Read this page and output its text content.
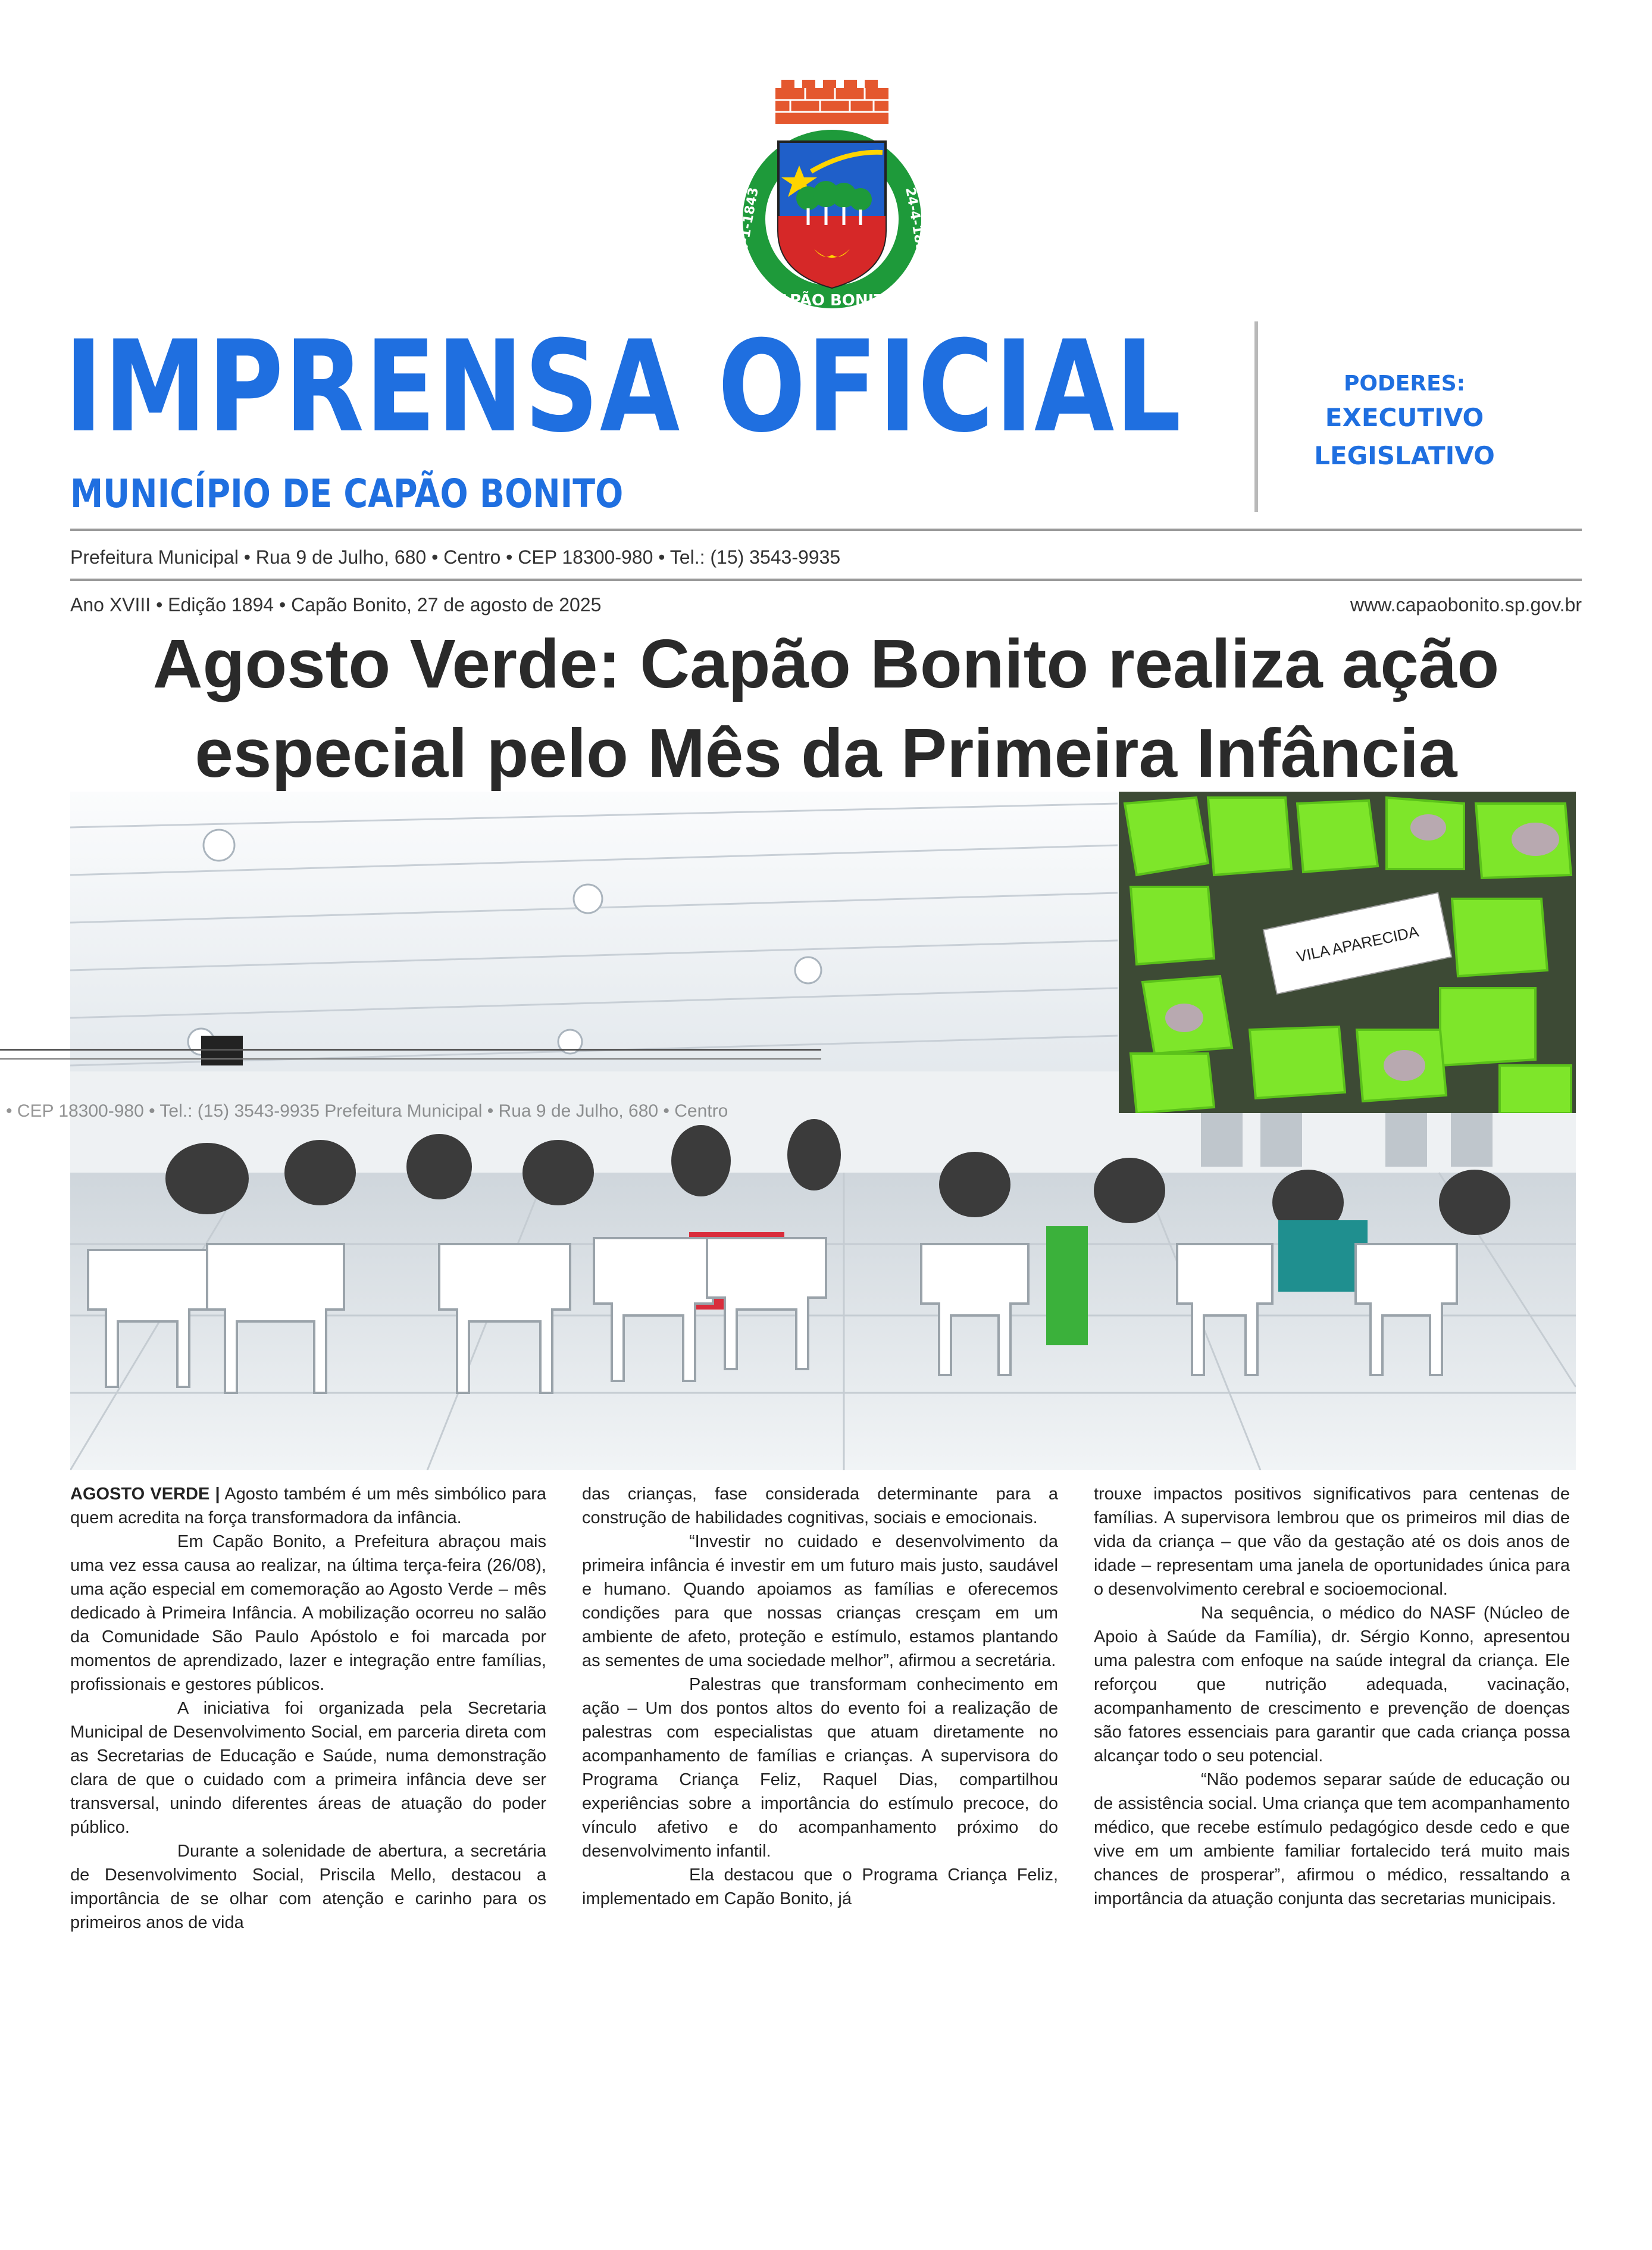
CAPÃO BONITO
24-1-1843	24-4-1857
IMPRENSA OFICIAL
MUNICÍPIO DE CAPÃO BONITO
PODERES:
EXECUTIVO
LEGISLATIVO
Prefeitura Municipal • Rua 9 de Julho, 680 • Centro • CEP 18300-980 • Tel.: (15) 3543-9935
Ano XVIII • Edição 1894 • Capão Bonito, 27 de agosto de 2025	www.capaobonito.sp.gov.br
Agosto Verde: Capão Bonito realiza ação especial pelo Mês da Primeira Infância
VILA APARECIDA
• CEP 18300-980 • Tel.: (15) 3543-9935 Prefeitura Municipal • Rua 9 de Julho, 680 • Centro

AGOSTO VERDE | Agosto também é um mês simbólico para quem acredita na força transformadora da infância.

Em Capão Bonito, a Prefeitura abraçou mais uma vez essa causa ao realizar, na última terça-feira (26/08), uma ação especial em comemoração ao Agosto Verde – mês dedicado à Primeira Infância. A mobilização ocorreu no salão da Comunidade São Paulo Apóstolo e foi marcada por momentos de aprendizado, lazer e integração entre famílias, profissionais e gestores públicos.

A iniciativa foi organizada pela Secretaria Municipal de Desenvolvimento Social, em parceria direta com as Secretarias de Educação e Saúde, numa demonstração clara de que o cuidado com a primeira infância deve ser transversal, unindo diferentes áreas de atuação do poder público.

Durante a solenidade de abertura, a secretária de Desenvolvimento Social, Priscila Mello, destacou a importância de se olhar com atenção e carinho para os primeiros anos de vida

das crianças, fase considerada determinante para a construção de habilidades cognitivas, sociais e emocionais.

“Investir no cuidado e desenvolvimento da primeira infância é investir em um futuro mais justo, saudável e humano. Quando apoiamos as famílias e oferecemos condições para que nossas crianças cresçam em um ambiente de afeto, proteção e estímulo, estamos plantando as sementes de uma sociedade melhor”, afirmou a secretária.

Palestras que transformam conhecimento em ação – Um dos pontos altos do evento foi a realização de palestras com especialistas que atuam diretamente no acompanhamento de famílias e crianças. A supervisora do Programa Criança Feliz, Raquel Dias, compartilhou experiências sobre a importância do estímulo precoce, do vínculo afetivo e do acompanhamento próximo do desenvolvimento infantil.

Ela destacou que o Programa Criança Feliz, implementado em Capão Bonito, já

trouxe impactos positivos significativos para centenas de famílias. A supervisora lembrou que os primeiros mil dias de vida da criança – que vão da gestação até os dois anos de idade – representam uma janela de oportunidades única para o desenvolvimento cerebral e socioemocional.

Na sequência, o médico do NASF (Núcleo de Apoio à Saúde da Família), dr. Sérgio Konno, apresentou uma palestra com enfoque na saúde integral da criança. Ele reforçou que nutrição adequada, vacinação, acompanhamento de crescimento e prevenção de doenças são fatores essenciais para garantir que cada criança possa alcançar todo o seu potencial.

“Não podemos separar saúde de educação ou de assistência social. Uma criança que tem acompanhamento médico, que recebe estímulo pedagógico desde cedo e que vive em um ambiente familiar fortalecido terá muito mais chances de prosperar”, afirmou o médico, ressaltando a importância da atuação conjunta das secretarias municipais.
